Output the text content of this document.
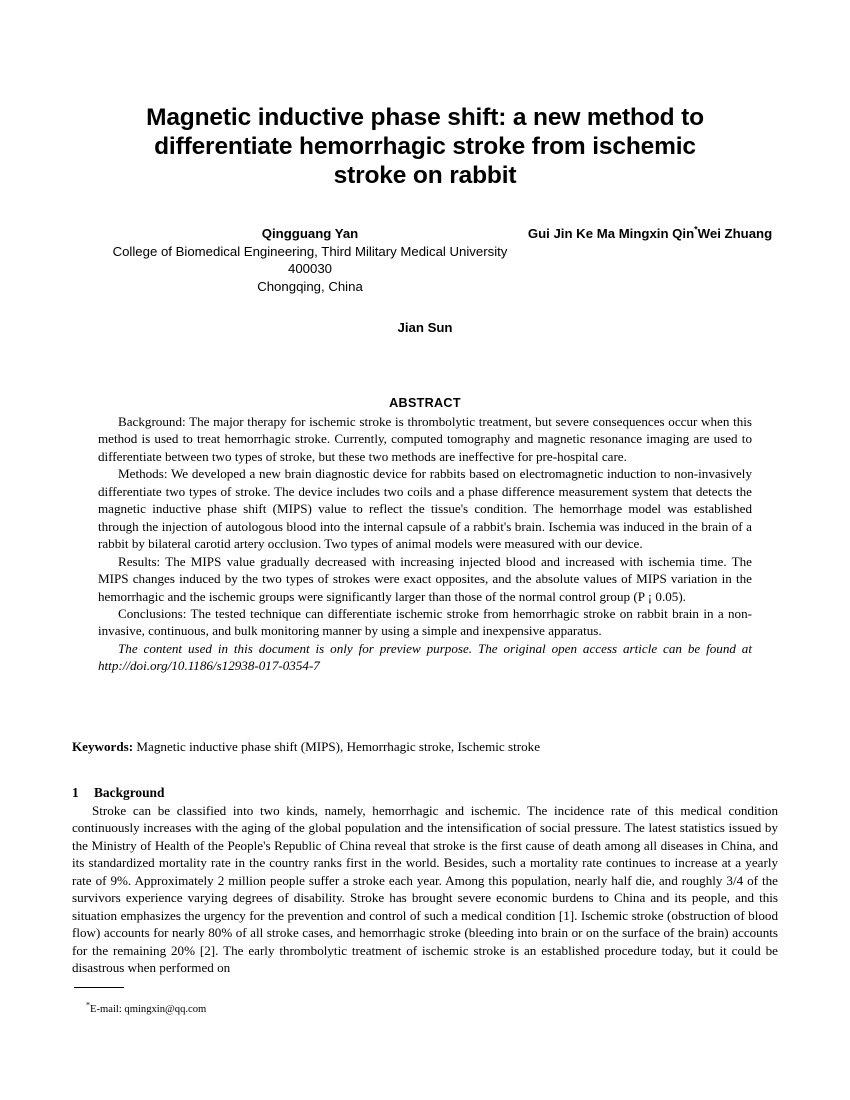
Magnetic inductive phase shift: a new method to differentiate hemorrhagic stroke from ischemic stroke on rabbit
Qingguang Yan
College of Biomedical Engineering, Third Military Medical University
400030
Chongqing, China
Gui Jin Ke Ma Mingxin Qin*Wei Zhuang
Jian Sun
ABSTRACT

Background: The major therapy for ischemic stroke is thrombolytic treatment, but severe consequences occur when this method is used to treat hemorrhagic stroke. Currently, computed tomography and magnetic resonance imaging are used to differentiate between two types of stroke, but these two methods are ineffective for pre-hospital care.

Methods: We developed a new brain diagnostic device for rabbits based on electromagnetic induction to non-invasively differentiate two types of stroke. The device includes two coils and a phase difference measurement system that detects the magnetic inductive phase shift (MIPS) value to reflect the tissue's condition. The hemorrhage model was established through the injection of autologous blood into the internal capsule of a rabbit's brain. Ischemia was induced in the brain of a rabbit by bilateral carotid artery occlusion. Two types of animal models were measured with our device.

Results: The MIPS value gradually decreased with increasing injected blood and increased with ischemia time. The MIPS changes induced by the two types of strokes were exact opposites, and the absolute values of MIPS variation in the hemorrhagic and the ischemic groups were significantly larger than those of the normal control group (P ¡ 0.05).

Conclusions: The tested technique can differentiate ischemic stroke from hemorrhagic stroke on rabbit brain in a non-invasive, continuous, and bulk monitoring manner by using a simple and inexpensive apparatus.

The content used in this document is only for preview purpose. The original open access article can be found at http://doi.org/10.1186/s12938-017-0354-7

Keywords: Magnetic inductive phase shift (MIPS), Hemorrhagic stroke, Ischemic stroke
1 Background

Stroke can be classified into two kinds, namely, hemorrhagic and ischemic. The incidence rate of this medical condition continuously increases with the aging of the global population and the intensification of social pressure. The latest statistics issued by the Ministry of Health of the People's Republic of China reveal that stroke is the first cause of death among all diseases in China, and its standardized mortality rate in the country ranks first in the world. Besides, such a mortality rate continues to increase at a yearly rate of 9%. Approximately 2 million people suffer a stroke each year. Among this population, nearly half die, and roughly 3/4 of the survivors experience varying degrees of disability. Stroke has brought severe economic burdens to China and its people, and this situation emphasizes the urgency for the prevention and control of such a medical condition [1]. Ischemic stroke (obstruction of blood flow) accounts for nearly 80% of all stroke cases, and hemorrhagic stroke (bleeding into brain or on the surface of the brain) accounts for the remaining 20% [2]. The early thrombolytic treatment of ischemic stroke is an established procedure today, but it could be disastrous when performed on

*E-mail: qmingxin@qq.com
